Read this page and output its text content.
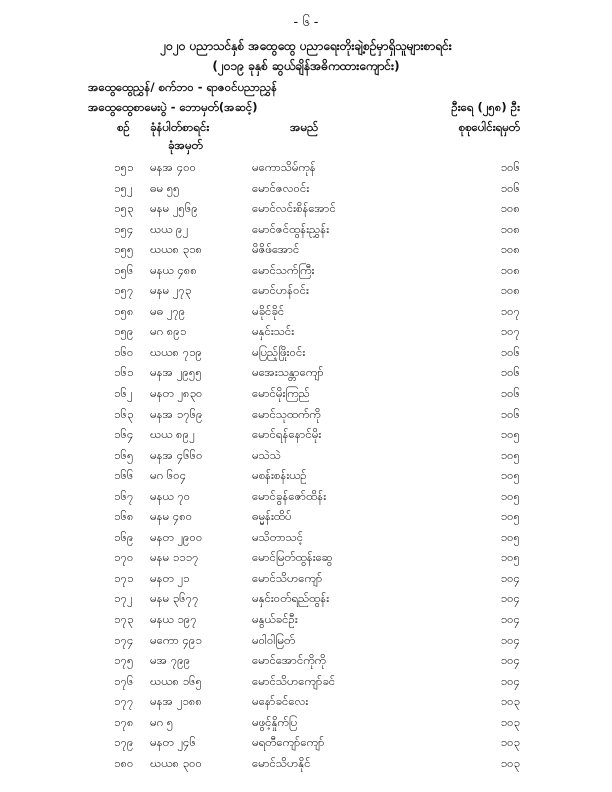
- ၆ -
၂၀၂၀ ပညာသင်နှစ် အထွေထွေ ပညာရေးတိုးချဲ့စဉ်မှာရှိသူများစာရင်း
(၂၀၁၉ ခုနှစ် ဆွယ်ချိန်အဓိကထားကျောင်း)
အထွေထွေညွှန်/ စက်ဘဝ - ရာဇဝင်ပညာညွှန်
အထွေထွေစာမေးပွဲ - ဘောမှတ်(အဆင့်)	ဦးရေ (၂၅၈) ဦး
စဉ် ခုံနံပါတ်စာရင်း
ခုံအမှတ်
အမည်	စုစုပေါင်းရမှတ်
၁၅၁ မနအ ၄၀၀	မကောသိမ်ကုန်	၁၀၆
၁၅၂ ဓမ ၅၅	မောင်ဇလဝင်း	၁၀၆
၁၅၃ မနမ ၂၅၆၉	မောင်လင်းစိန်အောင်	၁၀၈
၁၅၄ ဃယ ၉၂	မောင်ဇင်ထွန်းညွှန်း	၁၀၈
၁၅၅ ဃယ၈ ၃၁၈	မိဇိဖ်အောင်	၁၀၈
၁၅၆ မနယ ၄၈၈	မောင်သက်ကြီး	၁၀၈
၁၅၇ မနမ ၂၇၃	မောင်ဟန်ဝင်း	၁၀၈
၁၅၈ မဓ ၂၇၉	မခိုင်ခိုင်	၁၀၇
၁၅၉ မဂ ၈၉၁	မနှင်းသင်း	၁၀၇
၁၆၀ ဃယ၈ ၇၁၉	မပြည့်ဖြိုးဝင်း	၁၀၆
၁၆၁ မနအ ၂၉၅၅	မအေးသန္တာကျော်	၁၀၆
၁၆၂ မနတ ၂၈၃၀	မောင်မိုးကြည်	၁၀၆
၁၆၃ မနအ ၁၇၆၉	မောင်သုထက်ကို	၁၀၆
၁၆၄ ဃယ ၈၉၂	မောင်ရန်နောင်မိုး	၁၀၅
၁၆၅ မနအ ၄၆၆၀	မသဲသဲ	၁၀၅
၁၆၆ မဂ ၆၀၄	မစန်းစန်းယဉ်	၁၀၅
၁၆၇ မနယ ၇၀	မောင်ခွန်ဇော်ထိန်း	၁၀၅
၁၆၈ မနမ ၄၈၀	ဓမ္မန်းထိပ်	၁၀၅
၁၆၉ မနတ ၂၉၀၀	မသိတာသင့်	၁၀၅
၁၇၀ မနမ ၁၁၁၇	မောင်မြတ်ထွန်းဆွေ	၁၀၅
၁၇၁ မနတ ၂၁	မောင်သိဟကျော်	၁၀၄
၁၇၂ မနမ ၃၆၇၇	မနှင်းဝတ်ရည်ထွန်း	၁၀၄
၁၇၃ မနယ ၁၉၇	မနွယ်ခင်ဦး	၁၀၄
၁၇၄ မကော ၄၉၁	မဝါဝါမြတ်	၁၀၄
၁၇၅ မအ ၇၉၉	မောင်အောင်ကိုကို	၁၀၄
၁၇၆ ဃယ၈ ၁၆၅	မောင်သိဟကျော်ခင်	၁၀၄
၁၇၇ မနအ ၂၁၈၈	မနော်ခင်လေး	၁၀၃
၁၇၈ မဂ ၅	မဖွင့်နှိုက်ပြ	၁၀၃
၁၇၉ မနတ ၂၄၆	မရတီကျော်ကျော်	၁၀၃
၁၈၀ ဃယ၈ ၃၀၀	မောင်သိဟနိုင်	၁၀၃
